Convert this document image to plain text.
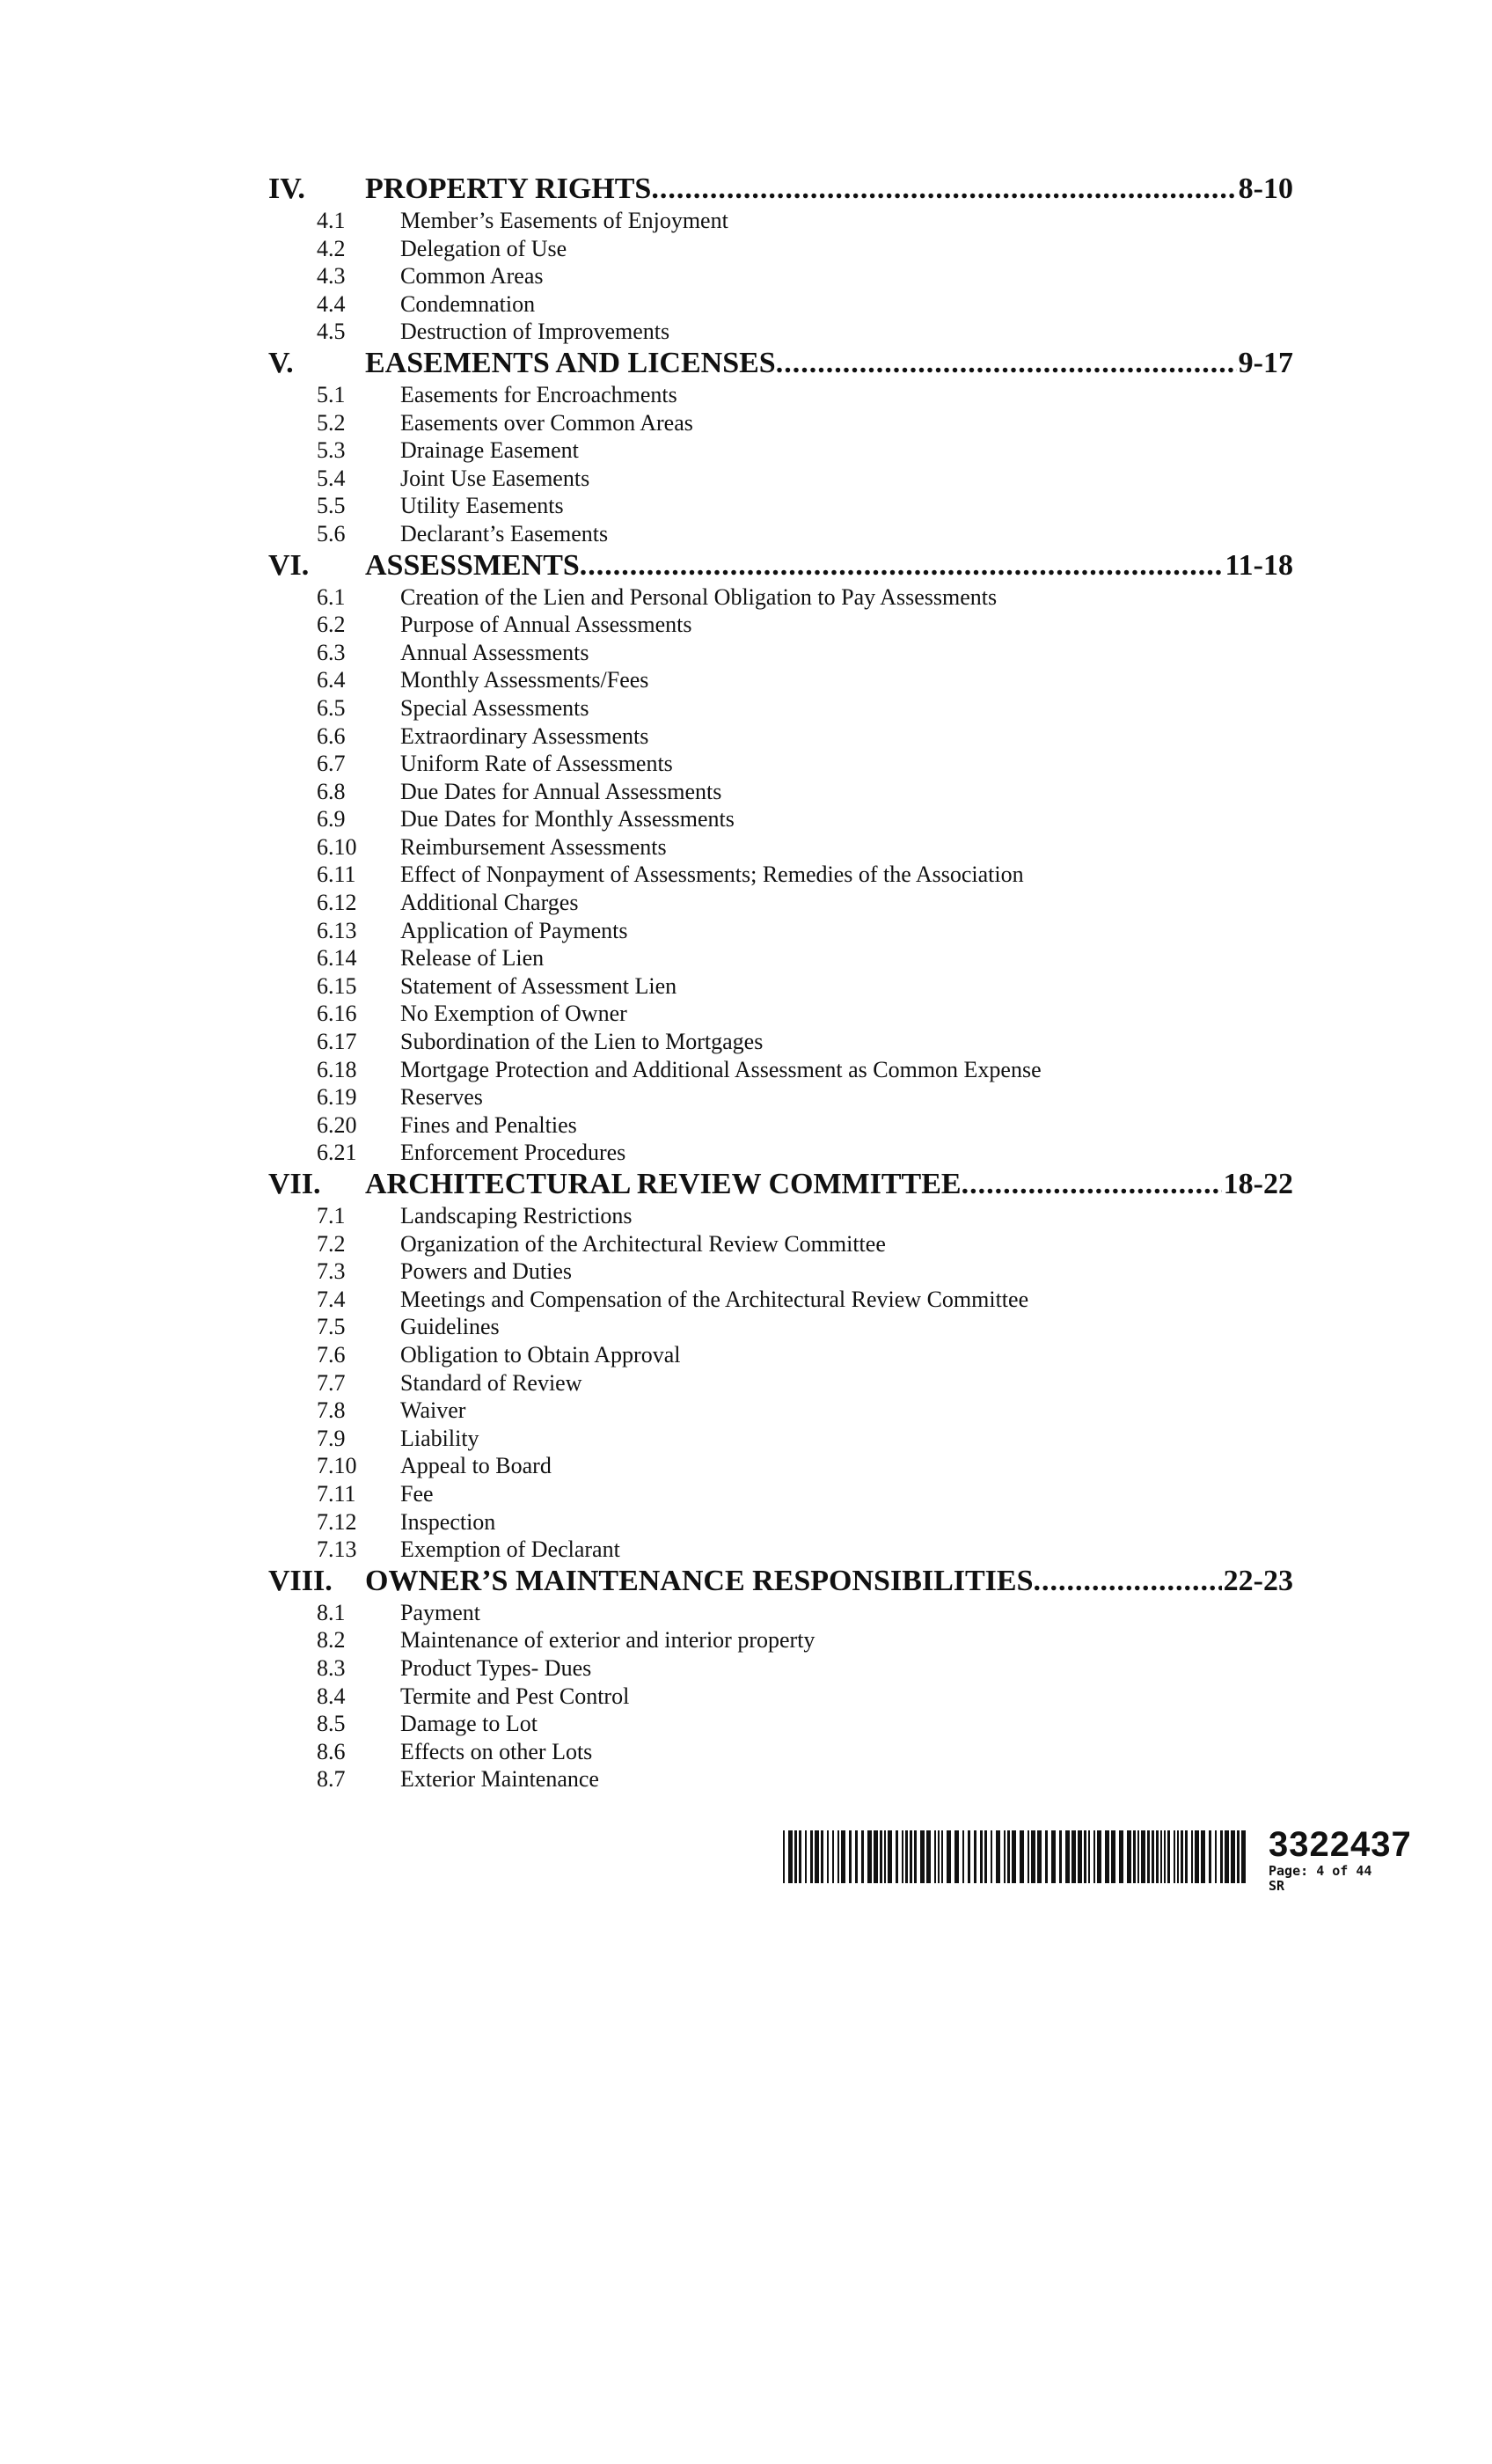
IV.	PROPERTY RIGHTS .....	8-10
4.1	Member’s Easements of Enjoyment
4.2	Delegation of Use
4.3	Common Areas
4.4	Condemnation
4.5	Destruction of Improvements
V.	EASEMENTS AND LICENSES .....	9-17
5.1	Easements for Encroachments
5.2	Easements over Common Areas
5.3	Drainage Easement
5.4	Joint Use Easements
5.5	Utility Easements
5.6	Declarant’s Easements
VI.	ASSESSMENTS .....	11-18
6.1	Creation of the Lien and Personal Obligation to Pay Assessments
6.2	Purpose of Annual Assessments
6.3	Annual Assessments
6.4	Monthly Assessments/Fees
6.5	Special Assessments
6.6	Extraordinary Assessments
6.7	Uniform Rate of Assessments
6.8	Due Dates for Annual Assessments
6.9	Due Dates for Monthly Assessments
6.10	Reimbursement Assessments
6.11	Effect of Nonpayment of Assessments; Remedies of the Association
6.12	Additional Charges
6.13	Application of Payments
6.14	Release of Lien
6.15	Statement of Assessment Lien
6.16	No Exemption of Owner
6.17	Subordination of the Lien to Mortgages
6.18	Mortgage Protection and Additional Assessment as Common Expense
6.19	Reserves
6.20	Fines and Penalties
6.21	Enforcement Procedures
VII.	ARCHITECTURAL REVIEW COMMITTEE .....	18-22
7.1	Landscaping Restrictions
7.2	Organization of the Architectural Review Committee
7.3	Powers and Duties
7.4	Meetings and Compensation of the Architectural Review Committee
7.5	Guidelines
7.6	Obligation to Obtain Approval
7.7	Standard of Review
7.8	Waiver
7.9	Liability
7.10	Appeal to Board
7.11	Fee
7.12	Inspection
7.13	Exemption of Declarant
VIII.	OWNER’S MAINTENANCE RESPONSIBILITIES .....	22-23
8.1	Payment
8.2	Maintenance of exterior and interior property
8.3	Product Types- Dues
8.4	Termite and Pest Control
8.5	Damage to Lot
8.6	Effects on other Lots
8.7	Exterior Maintenance
3322437
Page: 4 of 44
SR
